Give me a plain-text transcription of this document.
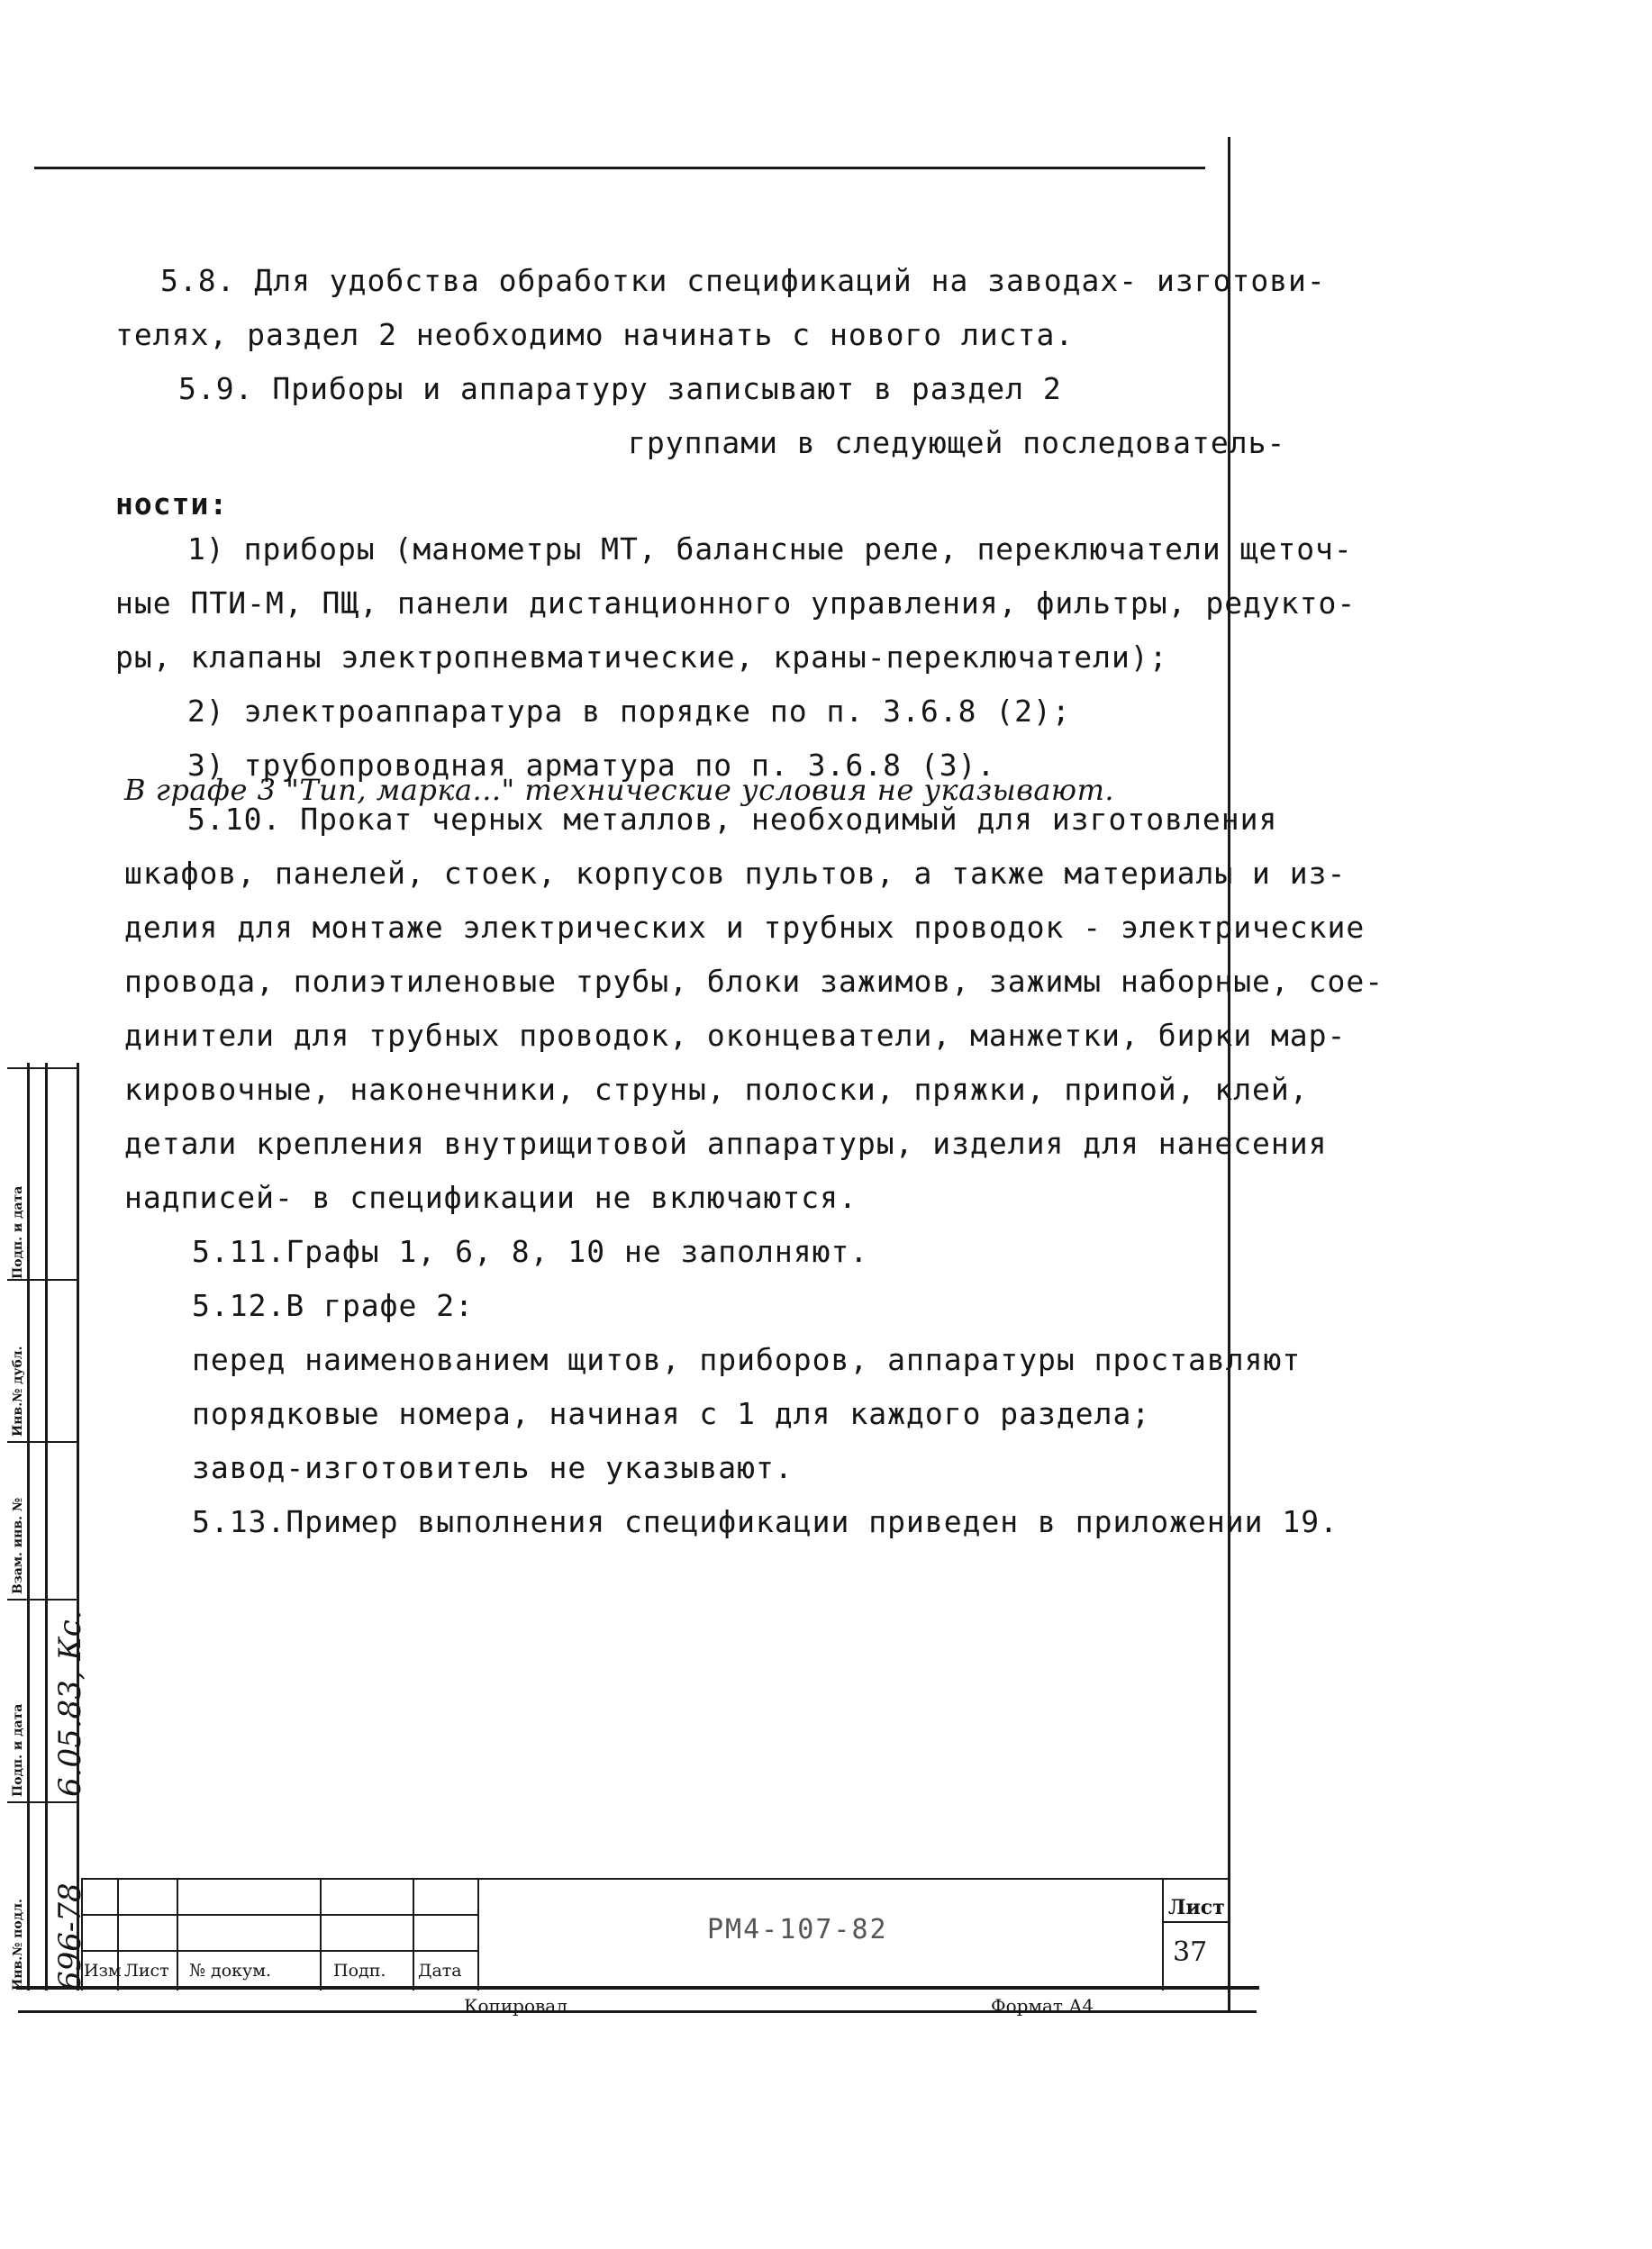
5.8. Для удобства обработки спецификаций на заводах- изготови-
телях, раздел 2 необходимо начинать с нового листа.
5.9. Приборы и аппаратуру записывают в раздел 2
группами в следующей последователь-
ности:
1) приборы (манометры МТ, балансные реле, переключатели щеточ-
ные ПТИ-М, ПЩ, панели дистанционного управления, фильтры, редукто-
ры, клапаны электропневматические, краны-переключатели);
2) электроаппаратура в порядке по п. 3.6.8 (2);
3) трубопроводная арматура по п. 3.6.8 (3).
В графе 3 "Тип, марка..." технические условия не указывают.
5.10. Прокат черных металлов, необходимый для изготовления
шкафов, панелей, стоек, корпусов пультов, а также материалы и из-
делия для монтаже электрических и трубных проводок - электрические
провода, полиэтиленовые трубы, блоки зажимов, зажимы наборные, сое-
динители для трубных проводок, оконцеватели, манжетки, бирки мар-
кировочные, наконечники, струны, полоски, пряжки, припой, клей,
детали крепления внутрищитовой аппаратуры, изделия для нанесения
надписей- в спецификации не включаются.
5.11.Графы 1, 6, 8, 10 не заполняют.
5.12.В графе 2:
перед наименованием щитов, приборов, аппаратуры проставляют
порядковые номера, начиная с 1 для каждого раздела;
завод-изготовитель не указывают.
5.13.Пример выполнения спецификации приведен в приложении 19.
Изм Лист № докум.	Подп. Дата
РМ4-107-82
Лист
37
Копировал	Формат А4
Подп. и дата
Инв.№ дубл.
Взам. инв. №
Подп. и дата
Инв.№ подл. 696-78
6.05.83, Кс.
